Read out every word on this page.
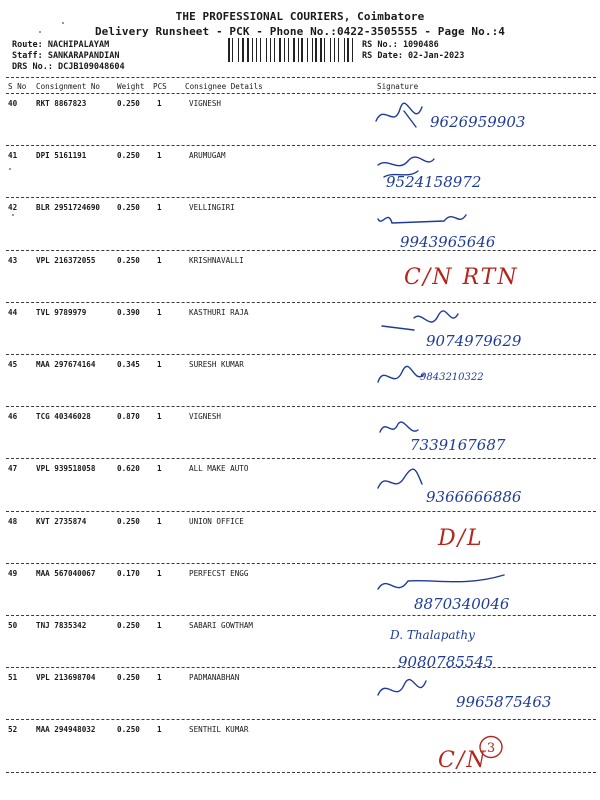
THE PROFESSIONAL COURIERS, Coimbatore
Delivery Runsheet - PCK - Phone No.:0422-3505555 - Page No.:4
Route: NACHIPALAYAM
Staff: SANKARAPANDIAN
DRS No.: DCJB109048604
RS No.: 1090486
RS Date: 02-Jan-2023
S No Consignment No Weight PCS Consignee Details	Signature
40 RKT 8867823	0.250 1	VIGNESH
9626959903
41 DPI 5161191	0.250 1	ARUMUGAM
9524158972
42 BLR 2951724690 0.250 1	VELLINGIRI
9943965646
43 VPL 216372055	0.250 1	KRISHNAVALLI
C/N RTN
44 TVL 9789979	0.390 1	KASTHURI RAJA
9074979629
45 MAA 297674164	0.345 1	SURESH KUMAR
9843210322
46 TCG 40346028	0.870 1	VIGNESH
7339167687
47 VPL 939518058	0.620 1	ALL MAKE AUTO
9366666886
48 KVT 2735874	0.250 1	UNION OFFICE
D/L
49 MAA 567040067	0.170 1	PERFECST ENGG
8870340046
50 TNJ 7835342	0.250 1	SABARI GOWTHAM
D. Thalapathy
9080785545
51 VPL 213698704	0.250 1	PADMANABHAN
9965875463
52 MAA 294948032	0.250 1	SENTHIL KUMAR
C/N 3
